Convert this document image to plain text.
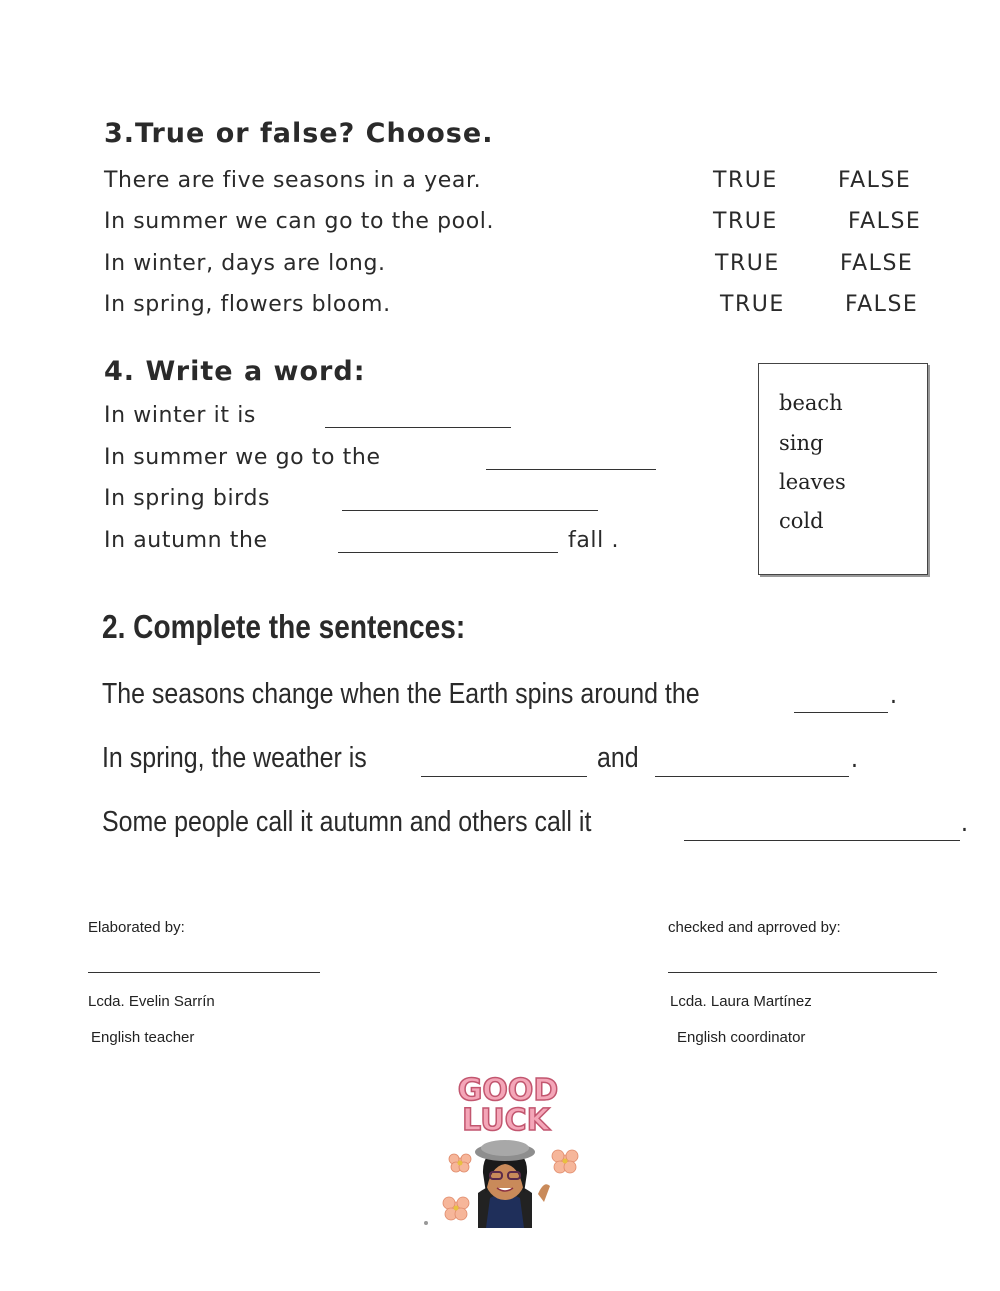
3.True or false? Choose.
There are five seasons in a year.	TRUE	FALSE
In summer we can go to the pool.	TRUE	FALSE
In winter, days are long.	TRUE	FALSE
In spring, flowers bloom.	TRUE	FALSE
4. Write a word:
In winter it is
In summer we go to the
In spring birds
In autumn the	fall .
beach
sing
leaves
cold
2. Complete the sentences:
The seasons change when the Earth spins around the	.
In spring, the weather is	and	.
Some people call it autumn and others call it	.
Elaborated by:
Lcda. Evelin Sarrín
English teacher
checked and aprroved by:
Lcda. Laura Martínez
English coordinator
GOOD
LUCK
